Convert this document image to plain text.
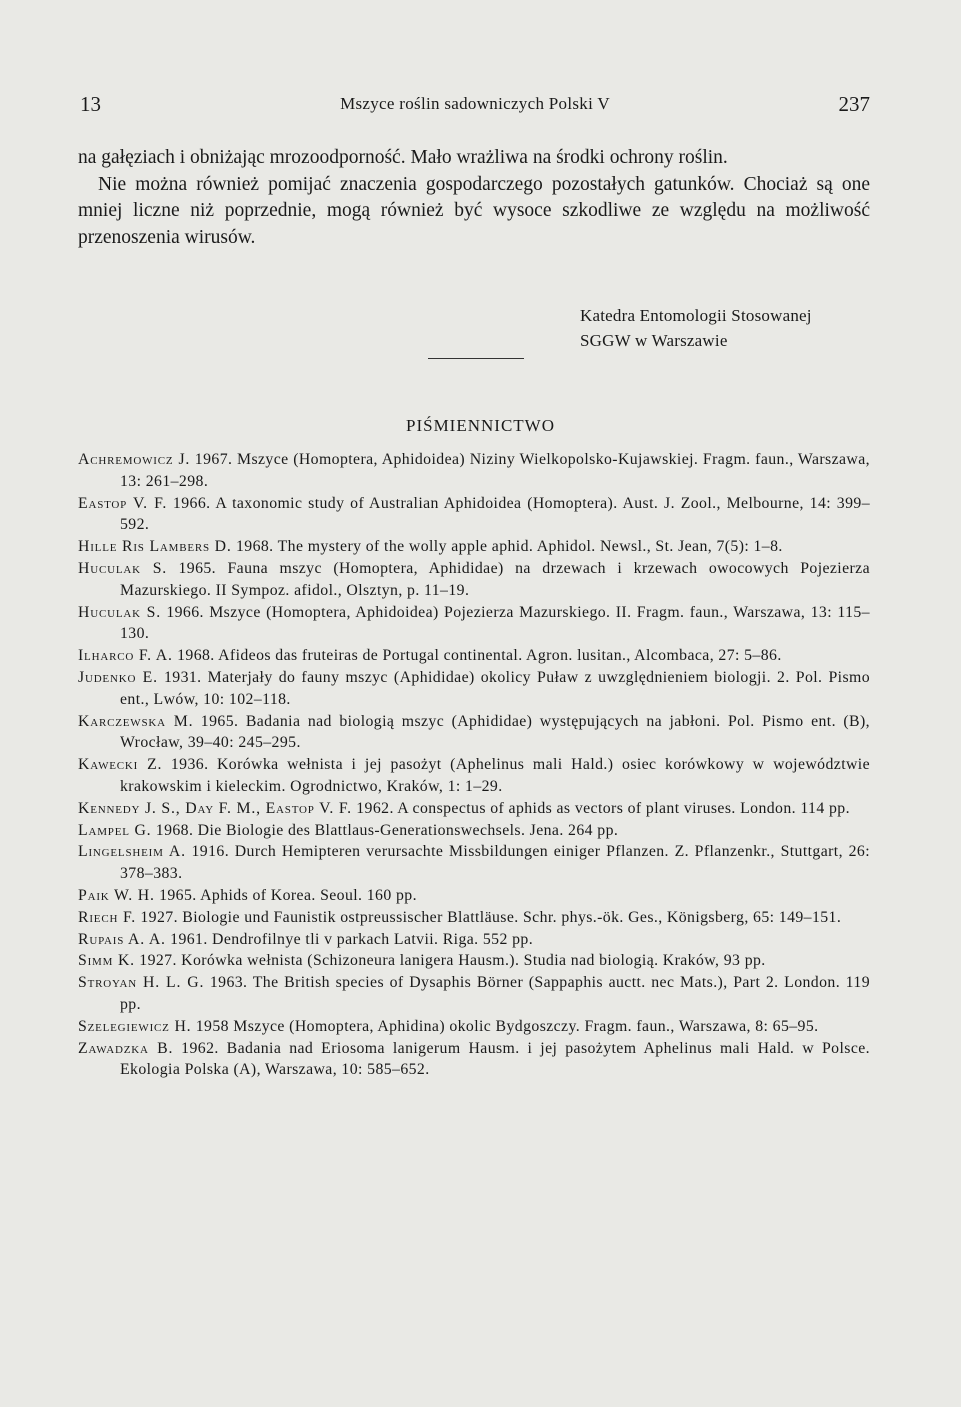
13	Mszyce roślin sadowniczych Polski V	237

na gałęziach i obniżając mrozoodporność. Mało wrażliwa na środki ochrony roślin.

Nie można również pomijać znaczenia gospodarczego pozostałych gatunków. Chociaż są one mniej liczne niż poprzednie, mogą również być wysoce szkodliwe ze względu na możliwość przenoszenia wirusów.

Katedra Entomologii Stosowanej
SGGW w Warszawie
PIŚMIENNICTWO
Achremowicz J. 1967. Mszyce (Homoptera, Aphidoidea) Niziny Wielkopolsko-Kujawskiej. Fragm. faun., Warszawa, 13: 261–298.
Eastop V. F. 1966. A taxonomic study of Australian Aphidoidea (Homoptera). Aust. J. Zool., Melbourne, 14: 399–592.
Hille Ris Lambers D. 1968. The mystery of the wolly apple aphid. Aphidol. Newsl., St. Jean, 7(5): 1–8.
Huculak S. 1965. Fauna mszyc (Homoptera, Aphididae) na drzewach i krzewach owocowych Pojezierza Mazurskiego. II Sympoz. afidol., Olsztyn, p. 11–19.
Huculak S. 1966. Mszyce (Homoptera, Aphidoidea) Pojezierza Mazurskiego. II. Fragm. faun., Warszawa, 13: 115–130.
Ilharco F. A. 1968. Afideos das fruteiras de Portugal continental. Agron. lusitan., Alcombaca, 27: 5–86.
Judenko E. 1931. Materjały do fauny mszyc (Aphididae) okolicy Puław z uwzględnieniem biologji. 2. Pol. Pismo ent., Lwów, 10: 102–118.
Karczewska M. 1965. Badania nad biologią mszyc (Aphididae) występujących na jabłoni. Pol. Pismo ent. (B), Wrocław, 39–40: 245–295.
Kawecki Z. 1936. Korówka wełnista i jej pasożyt (Aphelinus mali Hald.) osiec korówkowy w województwie krakowskim i kieleckim. Ogrodnictwo, Kraków, 1: 1–29.
Kennedy J. S., Day F. M., Eastop V. F. 1962. A conspectus of aphids as vectors of plant viruses. London. 114 pp.
Lampel G. 1968. Die Biologie des Blattlaus-Generationswechsels. Jena. 264 pp.
Lingelsheim A. 1916. Durch Hemipteren verursachte Missbildungen einiger Pflanzen. Z. Pflanzenkr., Stuttgart, 26: 378–383.
Paik W. H. 1965. Aphids of Korea. Seoul. 160 pp.
Riech F. 1927. Biologie und Faunistik ostpreussischer Blattläuse. Schr. phys.-ök. Ges., Königsberg, 65: 149–151.
Rupais A. A. 1961. Dendrofilnye tli v parkach Latvii. Riga. 552 pp.
Simm K. 1927. Korówka wełnista (Schizoneura lanigera Hausm.). Studia nad biologią. Kraków, 93 pp.
Stroyan H. L. G. 1963. The British species of Dysaphis Börner (Sappaphis auctt. nec Mats.), Part 2. London. 119 pp.
Szelegiewicz H. 1958 Mszyce (Homoptera, Aphidina) okolic Bydgoszczy. Fragm. faun., Warszawa, 8: 65–95.
Zawadzka B. 1962. Badania nad Eriosoma lanigerum Hausm. i jej pasożytem Aphelinus mali Hald. w Polsce. Ekologia Polska (A), Warszawa, 10: 585–652.
